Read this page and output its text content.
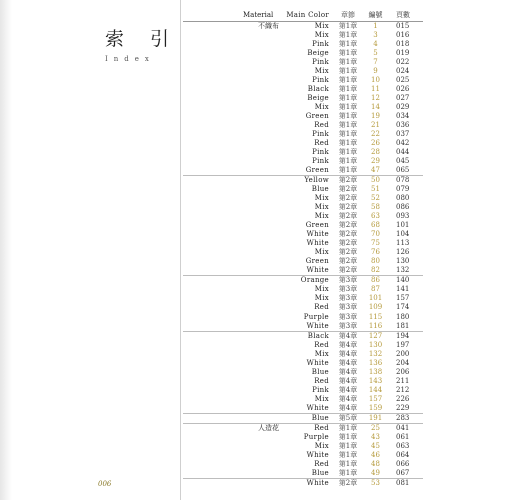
索 引
Index
Material	Main Color	章節	編號	頁數

不織布	Mix	第1章	1	015
	Mix	第1章	3	016
	Pink	第1章	4	018
	Beige	第1章	5	019
	Pink	第1章	7	022
	Mix	第1章	9	024
	Pink	第1章	10	025
	Black	第1章	11	026
	Beige	第1章	12	027
	Mix	第1章	14	029
	Green	第1章	19	034
	Red	第1章	21	036
	Pink	第1章	22	037
	Red	第1章	26	042
	Pink	第1章	28	044
	Pink	第1章	29	045
	Green	第1章	47	065
	Yellow	第2章	50	078
	Blue	第2章	51	079
	Mix	第2章	52	080
	Mix	第2章	58	086
	Mix	第2章	63	093
	Green	第2章	68	101
	White	第2章	70	104
	White	第2章	75	113
	Mix	第2章	76	126
	Green	第2章	80	130
	White	第2章	82	132
	Orange	第3章	86	140
	Mix	第3章	87	141
	Mix	第3章	101	157
	Red	第3章	109	174
	Purple	第3章	115	180
	White	第3章	116	181
	Black	第4章	127	194
	Red	第4章	130	197
	Mix	第4章	132	200
	White	第4章	136	204
	Blue	第4章	138	206
	Red	第4章	143	211
	Pink	第4章	144	212
	Mix	第4章	157	226
	White	第4章	159	229
	Blue	第5章	191	283

人造花	Red	第1章	25	041
	Purple	第1章	43	061
	Mix	第1章	45	063
	White	第1章	46	064
	Red	第1章	48	066
	Blue	第1章	49	067
	White	第2章	53	081
006
